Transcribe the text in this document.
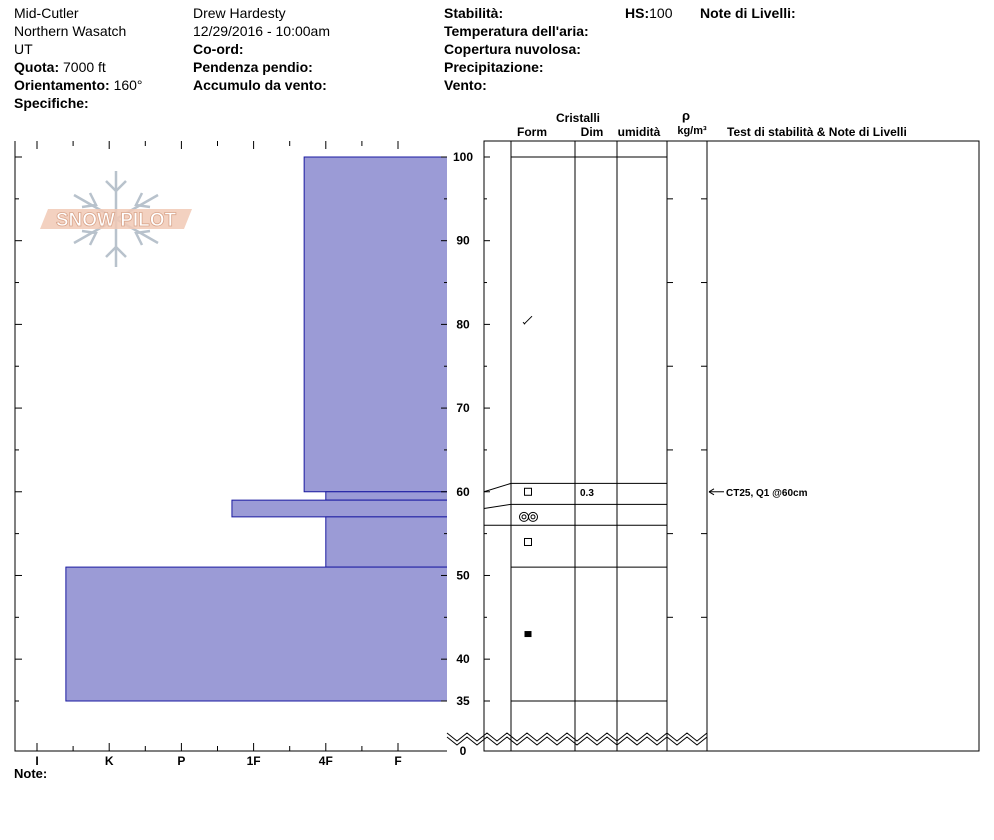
Mid-Cutler
Northern Wasatch
UT
Quota: 7000 ft
Orientamento: 160°
Specifiche:
Drew Hardesty
12/29/2016 - 10:00am
Co-ord:
Pendenza pendio:
Accumulo da vento:
Stabilità:
Temperatura dell'aria:
Copertura nuvolosa:
Precipitazione:
Vento:
HS:100 Note di Livelli:
I	K	P	1F	4F	F
0
35
40
50
60
70
80
90
100
SNOW PILOT
0.3	CT25, Q1 @60cm
Cristalli
Form	Dim umidità
ρ
kg/m³ Test di stabilità & Note di Livelli
Note:
